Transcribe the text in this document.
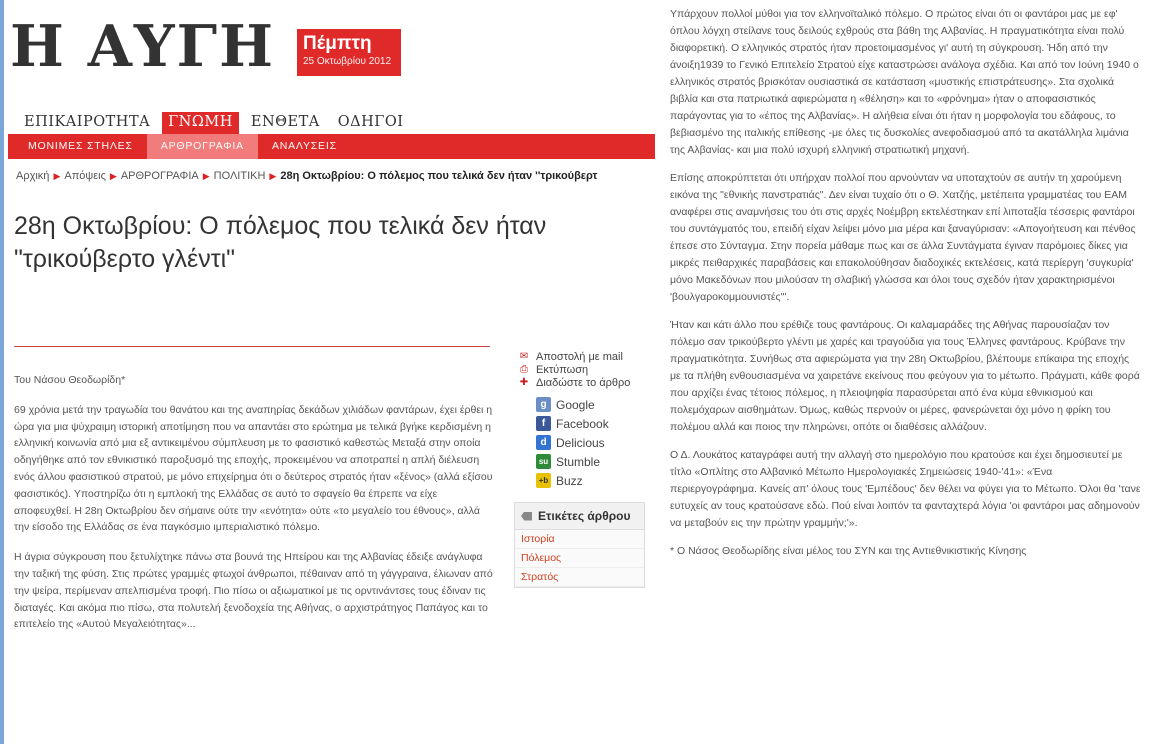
Η ΑΥΓΗ Πέμπτη
25 Οκτωβρίου 2012
ΕΠΙΚΑΙΡΟΤΗΤΑ	ΓΝΩΜΗ	ΕΝΘΕΤΑ	ΟΔΗΓΟΙ
ΜΟΝΙΜΕΣ ΣΤΗΛΕΣ	ΑΡΘΡΟΓΡΑΦΙΑ	ΑΝΑΛΥΣΕΙΣ
Αρχική ▶ Απόψεις ▶ ΑΡΘΡΟΓΡΑΦΙΑ ▶ ΠΟΛΙΤΙΚΗ ▶ 28η Οκτωβρίου: Ο πόλεμος που τελικά δεν ήταν ''τρικούβερτ
28η Οκτωβρίου: Ο πόλεμος που τελικά δεν ήταν "τρικούβερτο γλέντι"

Του Νάσου Θεοδωρίδη*

69 χρόνια μετά την τραγωδία του θανάτου και της αναπηρίας δεκάδων χιλιάδων φαντάρων, έχει έρθει η ώρα για μια ψύχραιμη ιστορική αποτίμηση που να απαντάει στο ερώτημα με τελικά βγήκε κερδισμένη η ελληνική κοινωνία από μια εξ αντικειμένου σύμπλευση με το φασιστικό καθεστώς Μεταξά στην οποία οδηγήθηκε από τον εθνικιστικό παροξυσμό της εποχής, προκειμένου να αποτραπεί η απλή διέλευση ενός άλλου φασιστικού στρατού, με μόνο επιχείρημα ότι ο δεύτερος στρατός ήταν «ξένος» (αλλά εξίσου φασιστικός). Υποστηρίζω ότι η εμπλοκή της Ελλάδας σε αυτό το σφαγείο θα έπρεπε να είχε αποφευχθεί. Η 28η Οκτωβρίου δεν σήμαινε ούτε την «ενότητα» ούτε «το μεγαλείο του έθνους», αλλά την είσοδο της Ελλάδας σε ένα παγκόσμιο ιμπεριαλιστικό πόλεμο.

Η άγρια σύγκρουση που ξετυλίχτηκε πάνω στα βουνά της Ηπείρου και της Αλβανίας έδειξε ανάγλυφα την ταξική της φύση. Στις πρώτες γραμμές φτωχοί άνθρωποι, πέθαιναν από τη γάγγραινα, έλιωναν από την ψείρα, περίμεναν απελπισμένα τροφή. Πιο πίσω οι αξιωματικοί με τις ορντινάντσες τους έδιναν τις διαταγές. Και ακόμα πιο πίσω, στα πολυτελή ξενοδοχεία της Αθήνας, ο αρχιστράτηγος Παπάγος και το επιτελείο της «Αυτού Μεγαλειότητας»...

✉ Αποστολή με mail
⎙ Εκτύπωση
✚ Διαδώστε το άρθρο
g Google
f Facebook
d Delicious
su Stumble
+b Buzz
Ετικέτες άρθρου
Ιστορία
Πόλεμος
Στρατός

Υπάρχουν πολλοί μύθοι για τον ελληνοϊταλικό πόλεμο. Ο πρώτος είναι ότι οι φαντάροι μας με εφ' όπλου λόγχη στείλανε τους δειλούς εχθρούς στα βάθη της Αλβανίας. Η πραγματικότητα είναι πολύ διαφορετική. Ο ελληνικός στρατός ήταν προετοιμασμένος γι' αυτή τη σύγκρουση. Ήδη από την άνοιξη1939 το Γενικό Επιτελείο Στρατού είχε καταστρώσει ανάλογα σχέδια. Και από τον Ιούνη 1940 ο ελληνικός στρατός βρισκόταν ουσιαστικά σε κατάσταση «μυστικής επιστράτευσης». Στα σχολικά βιβλία και στα πατριωτικά αφιερώματα η «θέληση» και το «φρόνημα» ήταν ο αποφασιστικός παράγοντας για το «έπος της Αλβανίας». Η αλήθεια είναι ότι ήταν η μορφολογία του εδάφους, το βεβιασμένο της ιταλικής επίθεσης -με όλες τις δυσκολίες ανεφοδιασμού από τα ακατάλληλα λιμάνια της Αλβανίας- και μια πολύ ισχυρή ελληνική στρατιωτική μηχανή.

Επίσης αποκρύπτεται ότι υπήρχαν πολλοί που αρνούνταν να υποταχτούν σε αυτήν τη χαρούμενη εικόνα της "εθνικής πανστρατιάς". Δεν είναι τυχαίο ότι ο Θ. Χατζής, μετέπειτα γραμματέας του ΕΑΜ αναφέρει στις αναμνήσεις του ότι στις αρχές Νοέμβρη εκτελέστηκαν επί λιποταξία τέσσερις φαντάροι του συντάγματός του, επειδή είχαν λείψει μόνο μια μέρα και ξαναγύρισαν: «Απογοήτευση και πένθος έπεσε στο Σύνταγμα. Στην πορεία μάθαμε πως και σε άλλα Συντάγματα έγιναν παρόμοιες δίκες για μικρές πειθαρχικές παραβάσεις και επακολούθησαν διαδοχικές εκτελέσεις, κατά περίεργη 'συγκυρία' μόνο Μακεδόνων που μιλούσαν τη σλαβική γλώσσα και όλοι τους σχεδόν ήταν χαρακτηρισμένοι 'βουλγαροκομμουνιστές'".

Ήταν και κάτι άλλο που ερέθιζε τους φαντάρους. Οι καλαμαράδες της Αθήνας παρουσίαζαν τον πόλεμο σαν τρικούβερτο γλέντι με χαρές και τραγούδια για τους Έλληνες φαντάρους. Κρύβανε την πραγματικότητα. Συνήθως στα αφιερώματα για την 28η Οκτωβρίου, βλέπουμε επίκαιρα της εποχής με τα πλήθη ενθουσιασμένα να χαιρετάνε εκείνους που φεύγουν για το μέτωπο. Πράγματι, κάθε φορά που αρχίζει ένας τέτοιος πόλεμος, η πλειοψηφία παρασύρεται από ένα κύμα εθνικισμού και πολεμόχαρων αισθημάτων. Όμως, καθώς περνούν οι μέρες, φανερώνεται όχι μόνο η φρίκη του πολέμου αλλά και ποιος την πληρώνει, οπότε οι διαθέσεις αλλάζουν.

Ο Δ. Λουκάτος καταγράφει αυτή την αλλαγή στο ημερολόγιο που κρατούσε και έχει δημοσιευτεί με τίτλο «Οπλίτης στο Αλβανικό Μέτωπο Ημερολογιακές Σημειώσεις 1940-'41»: «Ένα περιεργογράφημα. Κανείς απ' όλους τους 'Εμπέδους' δεν θέλει να φύγει για το Μέτωπο. Όλοι θα 'τανε ευτυχείς αν τους κρατούσανε εδώ. Πού είναι λοιπόν τα φανταχτερά λόγια 'οι φαντάροι μας αδημονούν να μεταβούν εις την πρώτην γραμμήν;'».

* Ο Νάσος Θεοδωρίδης είναι μέλος του ΣΥΝ και της Αντιεθνικιστικής Κίνησης
